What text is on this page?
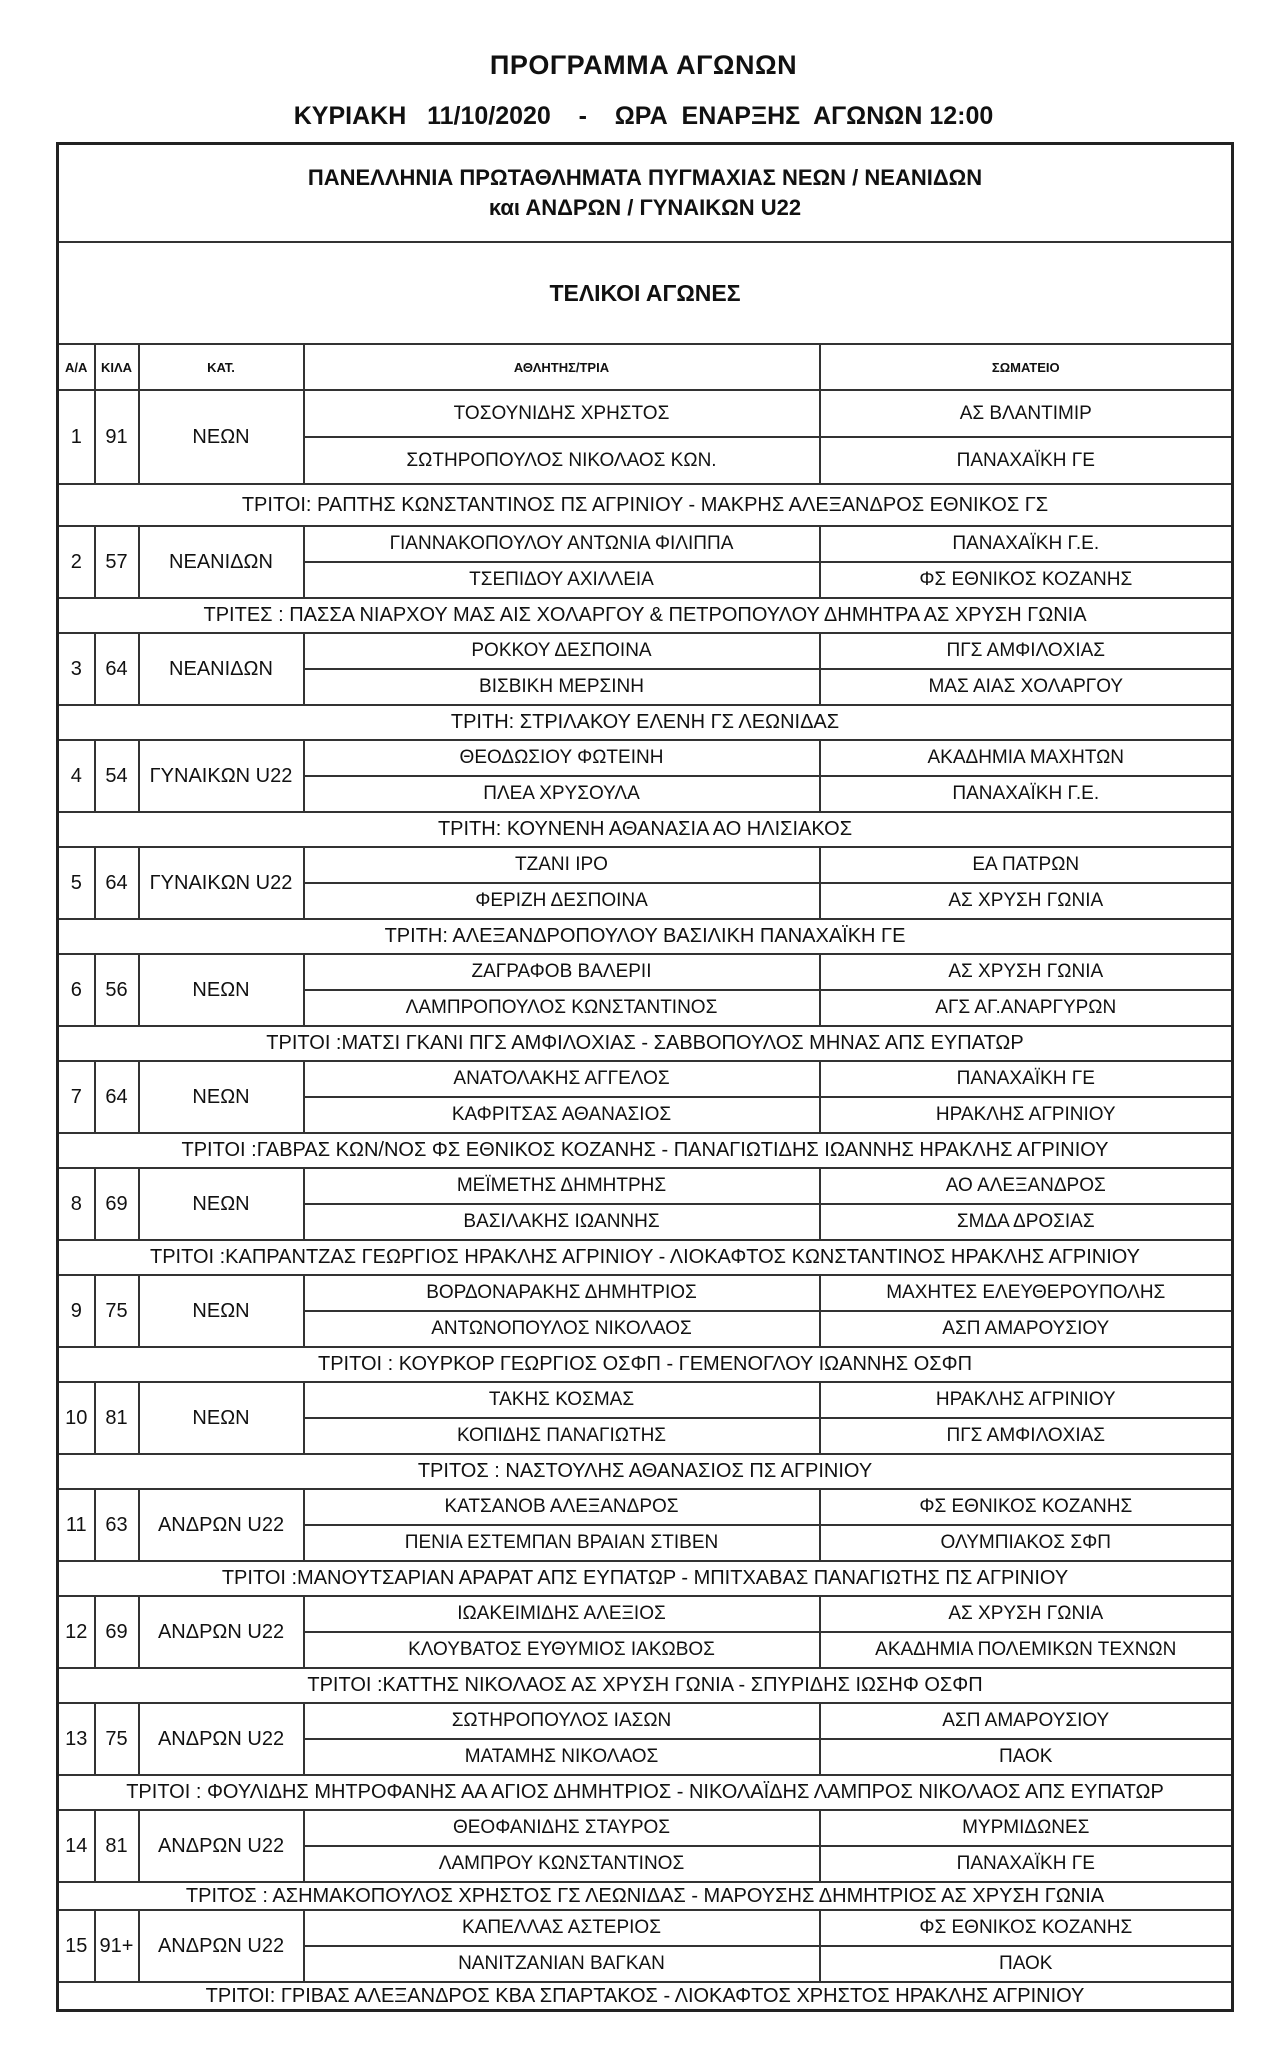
ΠΡΟΓΡΑΜΜΑ ΑΓΩΝΩΝ
ΚΥΡΙΑΚΗ   11/10/2020    -    ΩΡΑ  ΕΝΑΡΞΗΣ  ΑΓΩΝΩΝ 12:00
ΠΑΝΕΛΛΗΝΙΑ ΠΡΩΤΑΘΛΗΜΑΤΑ ΠΥΓΜΑΧΙΑΣ ΝΕΩΝ / ΝΕΑΝΙΔΩΝ
και ΑΝΔΡΩΝ / ΓΥΝΑΙΚΩΝ U22				

ΤΕΛΙΚΟΙ ΑΓΩΝΕΣ				
Α/Α	ΚΙΛΑ	ΚΑΤ.	ΑΘΛΗΤΗΣ/ΤΡΙΑ	ΣΩΜΑΤΕΙΟ
1	91	ΝΕΩΝ	ΤΟΣΟΥΝΙΔΗΣ ΧΡΗΣΤΟΣ	ΑΣ ΒΛΑΝΤΙΜΙΡ
			ΣΩΤΗΡΟΠΟΥΛΟΣ ΝΙΚΟΛΑΟΣ ΚΩΝ.	ΠΑΝΑΧΑΪΚΗ ΓΕ
ΤΡΙΤΟΙ: ΡΑΠΤΗΣ ΚΩΝΣΤΑΝΤΙΝΟΣ ΠΣ ΑΓΡΙΝΙΟΥ - ΜΑΚΡΗΣ ΑΛΕΞΑΝΔΡΟΣ ΕΘΝΙΚΟΣ ΓΣ				
2	57	ΝΕΑΝΙΔΩΝ	ΓΙΑΝΝΑΚΟΠΟΥΛΟΥ ΑΝΤΩΝΙΑ ΦΙΛΙΠΠΑ	ΠΑΝΑΧΑΪΚΗ Γ.Ε.
			ΤΣΕΠΙΔΟΥ ΑΧΙΛΛΕΙΑ	ΦΣ ΕΘΝΙΚΟΣ ΚΟΖΑΝΗΣ
ΤΡΙΤΕΣ : ΠΑΣΣΑ ΝΙΑΡΧΟΥ ΜΑΣ ΑΙΣ ΧΟΛΑΡΓΟΥ & ΠΕΤΡΟΠΟΥΛΟΥ ΔΗΜΗΤΡΑ ΑΣ ΧΡΥΣΗ ΓΩΝΙΑ				
3	64	ΝΕΑΝΙΔΩΝ	ΡΟΚΚΟΥ ΔΕΣΠΟΙΝΑ	ΠΓΣ ΑΜΦΙΛΟΧΙΑΣ
			ΒΙΣΒΙΚΗ ΜΕΡΣΙΝΗ	ΜΑΣ ΑΙΑΣ ΧΟΛΑΡΓΟΥ
ΤΡΙΤΗ: ΣΤΡΙΛΑΚΟΥ ΕΛΕΝΗ ΓΣ ΛΕΩΝΙΔΑΣ				
4	54	ΓΥΝΑΙΚΩΝ U22	ΘΕΟΔΩΣΙΟΥ ΦΩΤΕΙΝΗ	ΑΚΑΔΗΜΙΑ ΜΑΧΗΤΩΝ
			ΠΛΕΑ ΧΡΥΣΟΥΛΑ	ΠΑΝΑΧΑΪΚΗ Γ.Ε.
ΤΡΙΤΗ: ΚΟΥΝΕΝΗ ΑΘΑΝΑΣΙΑ ΑΟ ΗΛΙΣΙΑΚΟΣ				
5	64	ΓΥΝΑΙΚΩΝ U22	ΤΖΑΝΙ ΙΡΟ	ΕΑ ΠΑΤΡΩΝ
			ΦΕΡΙΖΗ ΔΕΣΠΟΙΝΑ	ΑΣ ΧΡΥΣΗ ΓΩΝΙΑ
ΤΡΙΤΗ: ΑΛΕΞΑΝΔΡΟΠΟΥΛΟΥ ΒΑΣΙΛΙΚΗ ΠΑΝΑΧΑΪΚΗ ΓΕ				
6	56	ΝΕΩΝ	ΖΑΓΡΑΦΟΒ ΒΑΛΕΡΙΙ	ΑΣ ΧΡΥΣΗ ΓΩΝΙΑ
			ΛΑΜΠΡΟΠΟΥΛΟΣ ΚΩΝΣΤΑΝΤΙΝΟΣ	ΑΓΣ ΑΓ.ΑΝΑΡΓΥΡΩΝ
ΤΡΙΤΟΙ :ΜΑΤΣΙ ΓΚΑΝΙ ΠΓΣ ΑΜΦΙΛΟΧΙΑΣ - ΣΑΒΒΟΠΟΥΛΟΣ ΜΗΝΑΣ ΑΠΣ ΕΥΠΑΤΩΡ				
7	64	ΝΕΩΝ	ΑΝΑΤΟΛΑΚΗΣ ΑΓΓΕΛΟΣ	ΠΑΝΑΧΑΪΚΗ ΓΕ
			ΚΑΦΡΙΤΣΑΣ ΑΘΑΝΑΣΙΟΣ	ΗΡΑΚΛΗΣ ΑΓΡΙΝΙΟΥ
ΤΡΙΤΟΙ :ΓΑΒΡΑΣ ΚΩΝ/ΝΟΣ ΦΣ ΕΘΝΙΚΟΣ ΚΟΖΑΝΗΣ - ΠΑΝΑΓΙΩΤΙΔΗΣ ΙΩΑΝΝΗΣ ΗΡΑΚΛΗΣ ΑΓΡΙΝΙΟΥ				
8	69	ΝΕΩΝ	ΜΕΪΜΕΤΗΣ ΔΗΜΗΤΡΗΣ	ΑΟ ΑΛΕΞΑΝΔΡΟΣ
			ΒΑΣΙΛΑΚΗΣ ΙΩΑΝΝΗΣ	ΣΜΔΑ ΔΡΟΣΙΑΣ
ΤΡΙΤΟΙ :ΚΑΠΡΑΝΤΖΑΣ ΓΕΩΡΓΙΟΣ ΗΡΑΚΛΗΣ ΑΓΡΙΝΙΟΥ - ΛΙΟΚΑΦΤΟΣ ΚΩΝΣΤΑΝΤΙΝΟΣ ΗΡΑΚΛΗΣ ΑΓΡΙΝΙΟΥ				
9	75	ΝΕΩΝ	ΒΟΡΔΟΝΑΡΑΚΗΣ ΔΗΜΗΤΡΙΟΣ	ΜΑΧΗΤΕΣ ΕΛΕΥΘΕΡΟΥΠΟΛΗΣ
			ΑΝΤΩΝΟΠΟΥΛΟΣ ΝΙΚΟΛΑΟΣ	ΑΣΠ ΑΜΑΡΟΥΣΙΟΥ
ΤΡΙΤΟΙ : ΚΟΥΡΚΟΡ ΓΕΩΡΓΙΟΣ ΟΣΦΠ - ΓΕΜΕΝΟΓΛΟΥ ΙΩΑΝΝΗΣ ΟΣΦΠ				
10	81	ΝΕΩΝ	ΤΑΚΗΣ ΚΟΣΜΑΣ	ΗΡΑΚΛΗΣ ΑΓΡΙΝΙΟΥ
			ΚΟΠΙΔΗΣ ΠΑΝΑΓΙΩΤΗΣ	ΠΓΣ ΑΜΦΙΛΟΧΙΑΣ
ΤΡΙΤΟΣ : ΝΑΣΤΟΥΛΗΣ ΑΘΑΝΑΣΙΟΣ ΠΣ ΑΓΡΙΝΙΟΥ				
11	63	ΑΝΔΡΩΝ U22	ΚΑΤΣΑΝΟΒ ΑΛΕΞΑΝΔΡΟΣ	ΦΣ ΕΘΝΙΚΟΣ ΚΟΖΑΝΗΣ
			ΠΕΝΙΑ ΕΣΤΕΜΠΑΝ ΒΡΑΙΑΝ ΣΤΙΒΕΝ	ΟΛΥΜΠΙΑΚΟΣ ΣΦΠ
ΤΡΙΤΟΙ :ΜΑΝΟΥΤΣΑΡΙΑΝ ΑΡΑΡΑΤ ΑΠΣ ΕΥΠΑΤΩΡ - ΜΠΙΤΧΑΒΑΣ ΠΑΝΑΓΙΩΤΗΣ ΠΣ ΑΓΡΙΝΙΟΥ				
12	69	ΑΝΔΡΩΝ U22	ΙΩΑΚΕΙΜΙΔΗΣ ΑΛΕΞΙΟΣ	ΑΣ ΧΡΥΣΗ ΓΩΝΙΑ
			ΚΛΟΥΒΑΤΟΣ ΕΥΘΥΜΙΟΣ ΙΑΚΩΒΟΣ	ΑΚΑΔΗΜΙΑ ΠΟΛΕΜΙΚΩΝ ΤΕΧΝΩΝ
ΤΡΙΤΟΙ :ΚΑΤΤΗΣ ΝΙΚΟΛΑΟΣ ΑΣ ΧΡΥΣΗ ΓΩΝΙΑ - ΣΠΥΡΙΔΗΣ ΙΩΣΗΦ ΟΣΦΠ				
13	75	ΑΝΔΡΩΝ U22	ΣΩΤΗΡΟΠΟΥΛΟΣ ΙΑΣΩΝ	ΑΣΠ ΑΜΑΡΟΥΣΙΟΥ
			ΜΑΤΑΜΗΣ ΝΙΚΟΛΑΟΣ	ΠΑΟΚ
ΤΡΙΤΟΙ : ΦΟΥΛΙΔΗΣ ΜΗΤΡΟΦΑΝΗΣ ΑΑ ΑΓΙΟΣ ΔΗΜΗΤΡΙΟΣ - ΝΙΚΟΛΑΪΔΗΣ ΛΑΜΠΡΟΣ ΝΙΚΟΛΑΟΣ ΑΠΣ ΕΥΠΑΤΩΡ				
14	81	ΑΝΔΡΩΝ U22	ΘΕΟΦΑΝΙΔΗΣ ΣΤΑΥΡΟΣ	ΜΥΡΜΙΔΩΝΕΣ
			ΛΑΜΠΡΟΥ ΚΩΝΣΤΑΝΤΙΝΟΣ	ΠΑΝΑΧΑΪΚΗ ΓΕ
ΤΡΙΤΟΣ : ΑΣΗΜΑΚΟΠΟΥΛΟΣ ΧΡΗΣΤΟΣ ΓΣ ΛΕΩΝΙΔΑΣ - ΜΑΡΟΥΣΗΣ ΔΗΜΗΤΡΙΟΣ ΑΣ ΧΡΥΣΗ ΓΩΝΙΑ				
15	91+	ΑΝΔΡΩΝ U22	ΚΑΠΕΛΛΑΣ ΑΣΤΕΡΙΟΣ	ΦΣ ΕΘΝΙΚΟΣ ΚΟΖΑΝΗΣ
			ΝΑΝΙΤΖΑΝΙΑΝ ΒΑΓΚΑΝ	ΠΑΟΚ
ΤΡΙΤΟΙ: ΓΡΙΒΑΣ ΑΛΕΞΑΝΔΡΟΣ ΚΒΑ ΣΠΑΡΤΑΚΟΣ - ΛΙΟΚΑΦΤΟΣ ΧΡΗΣΤΟΣ ΗΡΑΚΛΗΣ ΑΓΡΙΝΙΟΥ				
